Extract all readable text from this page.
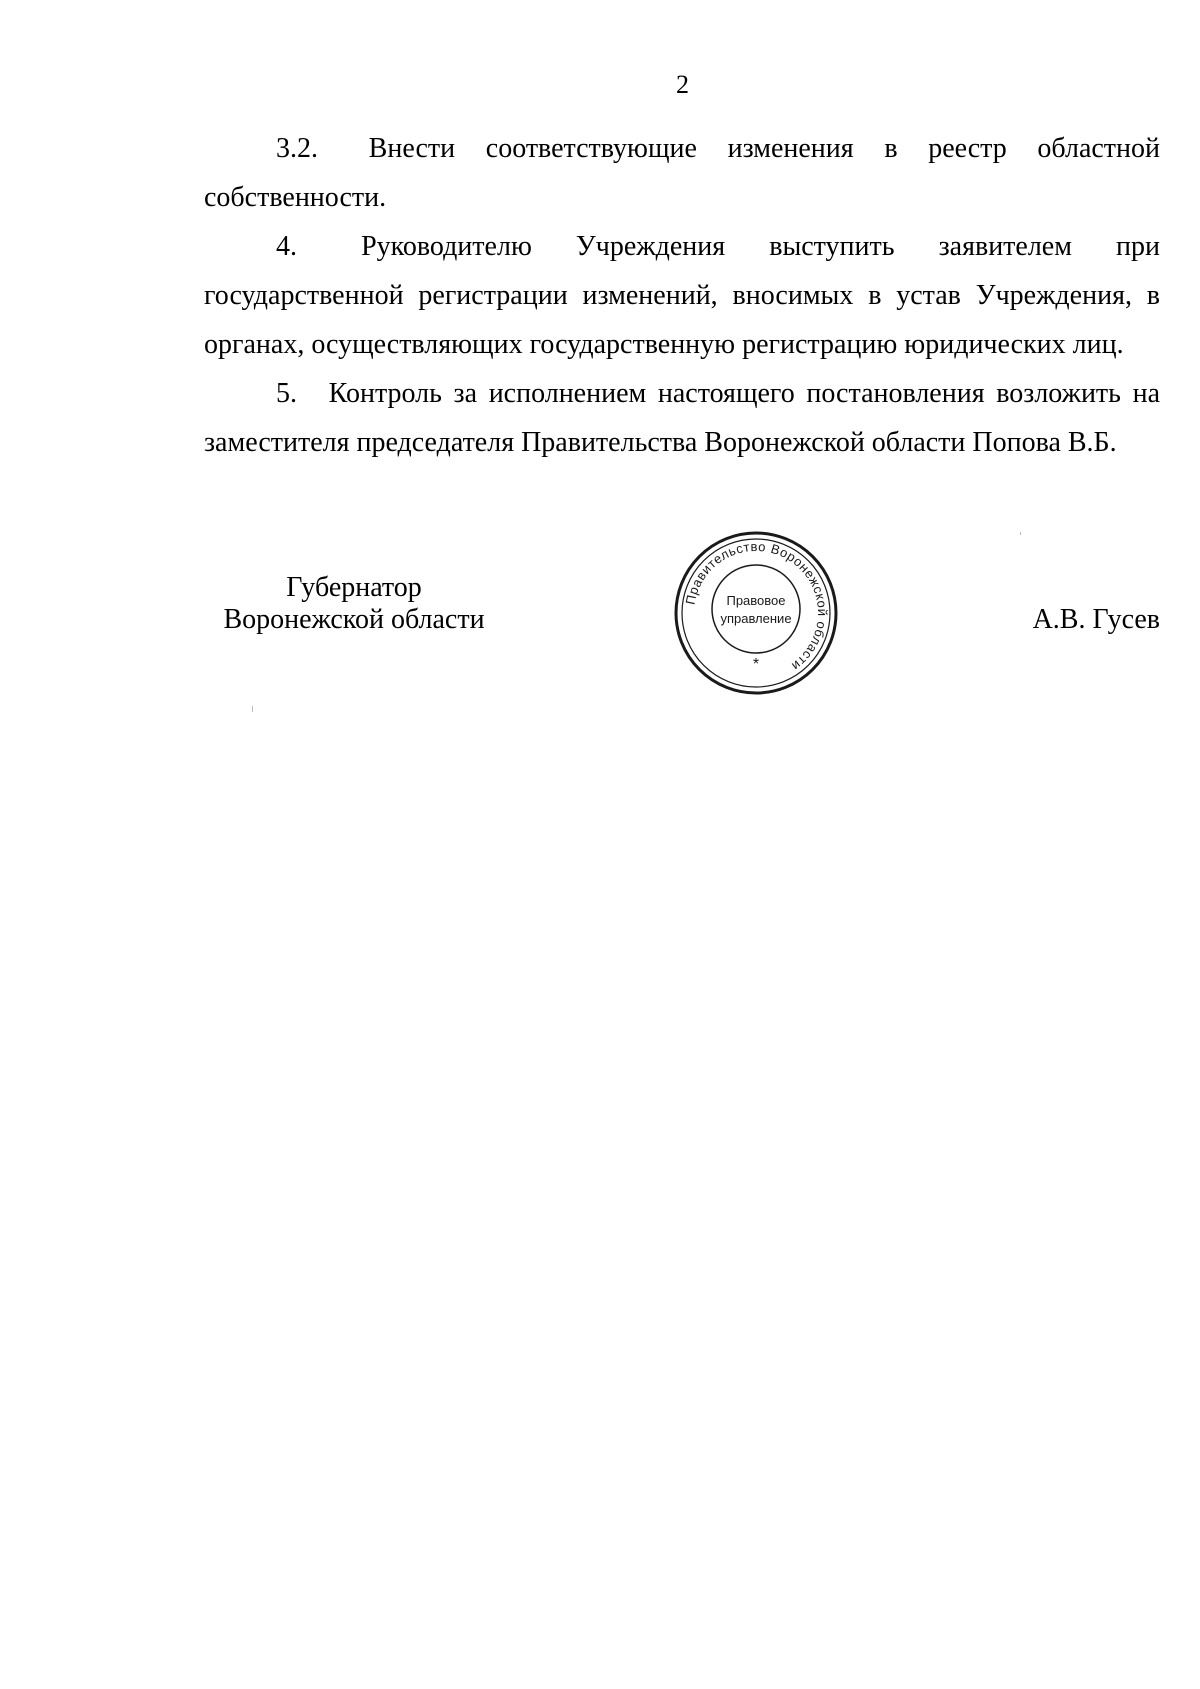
2

3.2. Внести соответствующие изменения в реестр областной собственности.

4. Руководителю Учреждения выступить заявителем при государственной регистрации изменений, вносимых в устав Учреждения, в органах, осуществляющих государственную регистрацию юридических лиц.

5. Контроль за исполнением настоящего постановления возложить на заместителя председателя Правительства Воронежской области Попова В.Б.

Губернатор
Воронежской области
Правительство Воронежской области
Правовое
управление
*
А.В. Гусев
